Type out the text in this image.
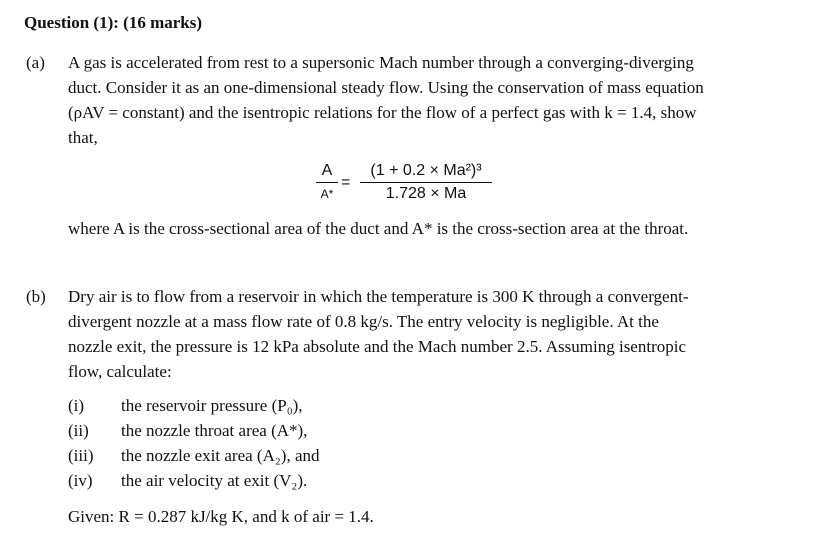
Question (1): (16 marks)
(a) A gas is accelerated from rest to a supersonic Mach number through a converging-diverging
duct. Consider it as an one-dimensional steady flow. Using the conservation of mass equation
(ρAV = constant) and the isentropic relations for the flow of a perfect gas with k = 1.4, show
that,
A
A*
=
(1 + 0.2 × Ma²)³
1.728 × Ma
where A is the cross-sectional area of the duct and A* is the cross-section area at the throat.
(b) Dry air is to flow from a reservoir in which the temperature is 300 K through a convergent-
divergent nozzle at a mass flow rate of 0.8 kg/s. The entry velocity is negligible. At the
nozzle exit, the pressure is 12 kPa absolute and the Mach number 2.5. Assuming isentropic
flow, calculate:
(i) the reservoir pressure (P₀),
(ii) the nozzle throat area (A*),
(iii) the nozzle exit area (A₂), and
(iv) the air velocity at exit (V₂).
Given: R = 0.287 kJ/kg K, and k of air = 1.4.
